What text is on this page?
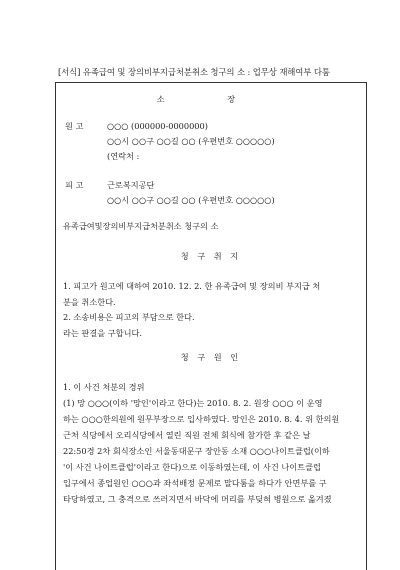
[서식] 유족급여 및 장의비부지급처분취소 청구의 소 : 업무상 재해여부 다툼
소 장
원 고	○○○ (000000-0000000)
○○시 ○○구 ○○길 ○○ (우편번호 ○○○○○)
(연락처 :
피 고	근로복지공단
○○시 ○○구 ○○길 ○○ (우편번호 ○○○○○)
유족급여및장의비부지급처분취소 청구의 소
청 구 취 지
1. 피고가 원고에 대하여 2010. 12. 2. 한 유족급여 및 장의비 부지급 처
분을 취소한다.
2. 소송비용은 피고의 부담으로 한다.
라는 판결을 구합니다.
청 구 원 인
1. 이 사건 처분의 경위
(1) 망 ○○○(이하 '망인'이라고 한다)는 2010. 8. 2. 원장 ○○○ 이 운영
하는 ○○○한의원에 원무부장으로 입사하였다. 망인은 2010. 8. 4. 위 한의원
근처 식당에서 오리식당에서 열린 직원 전체 회식에 참가한 후 같은 날
22:50경 2차 회식장소인 서울동대문구 장안동 소재 ○○○나이트클럽(이하
'이 사건 나이트클럽'이라고 한다)으로 이동하였는데, 이 사건 나이트클럽
입구에서 종업원인 ○○○과 좌석배정 문제로 말다툼을 하다가 안면부를 구
타당하였고, 그 충격으로 쓰러지면서 바닥에 머리를 부딪혀 병원으로 옮겨졌
